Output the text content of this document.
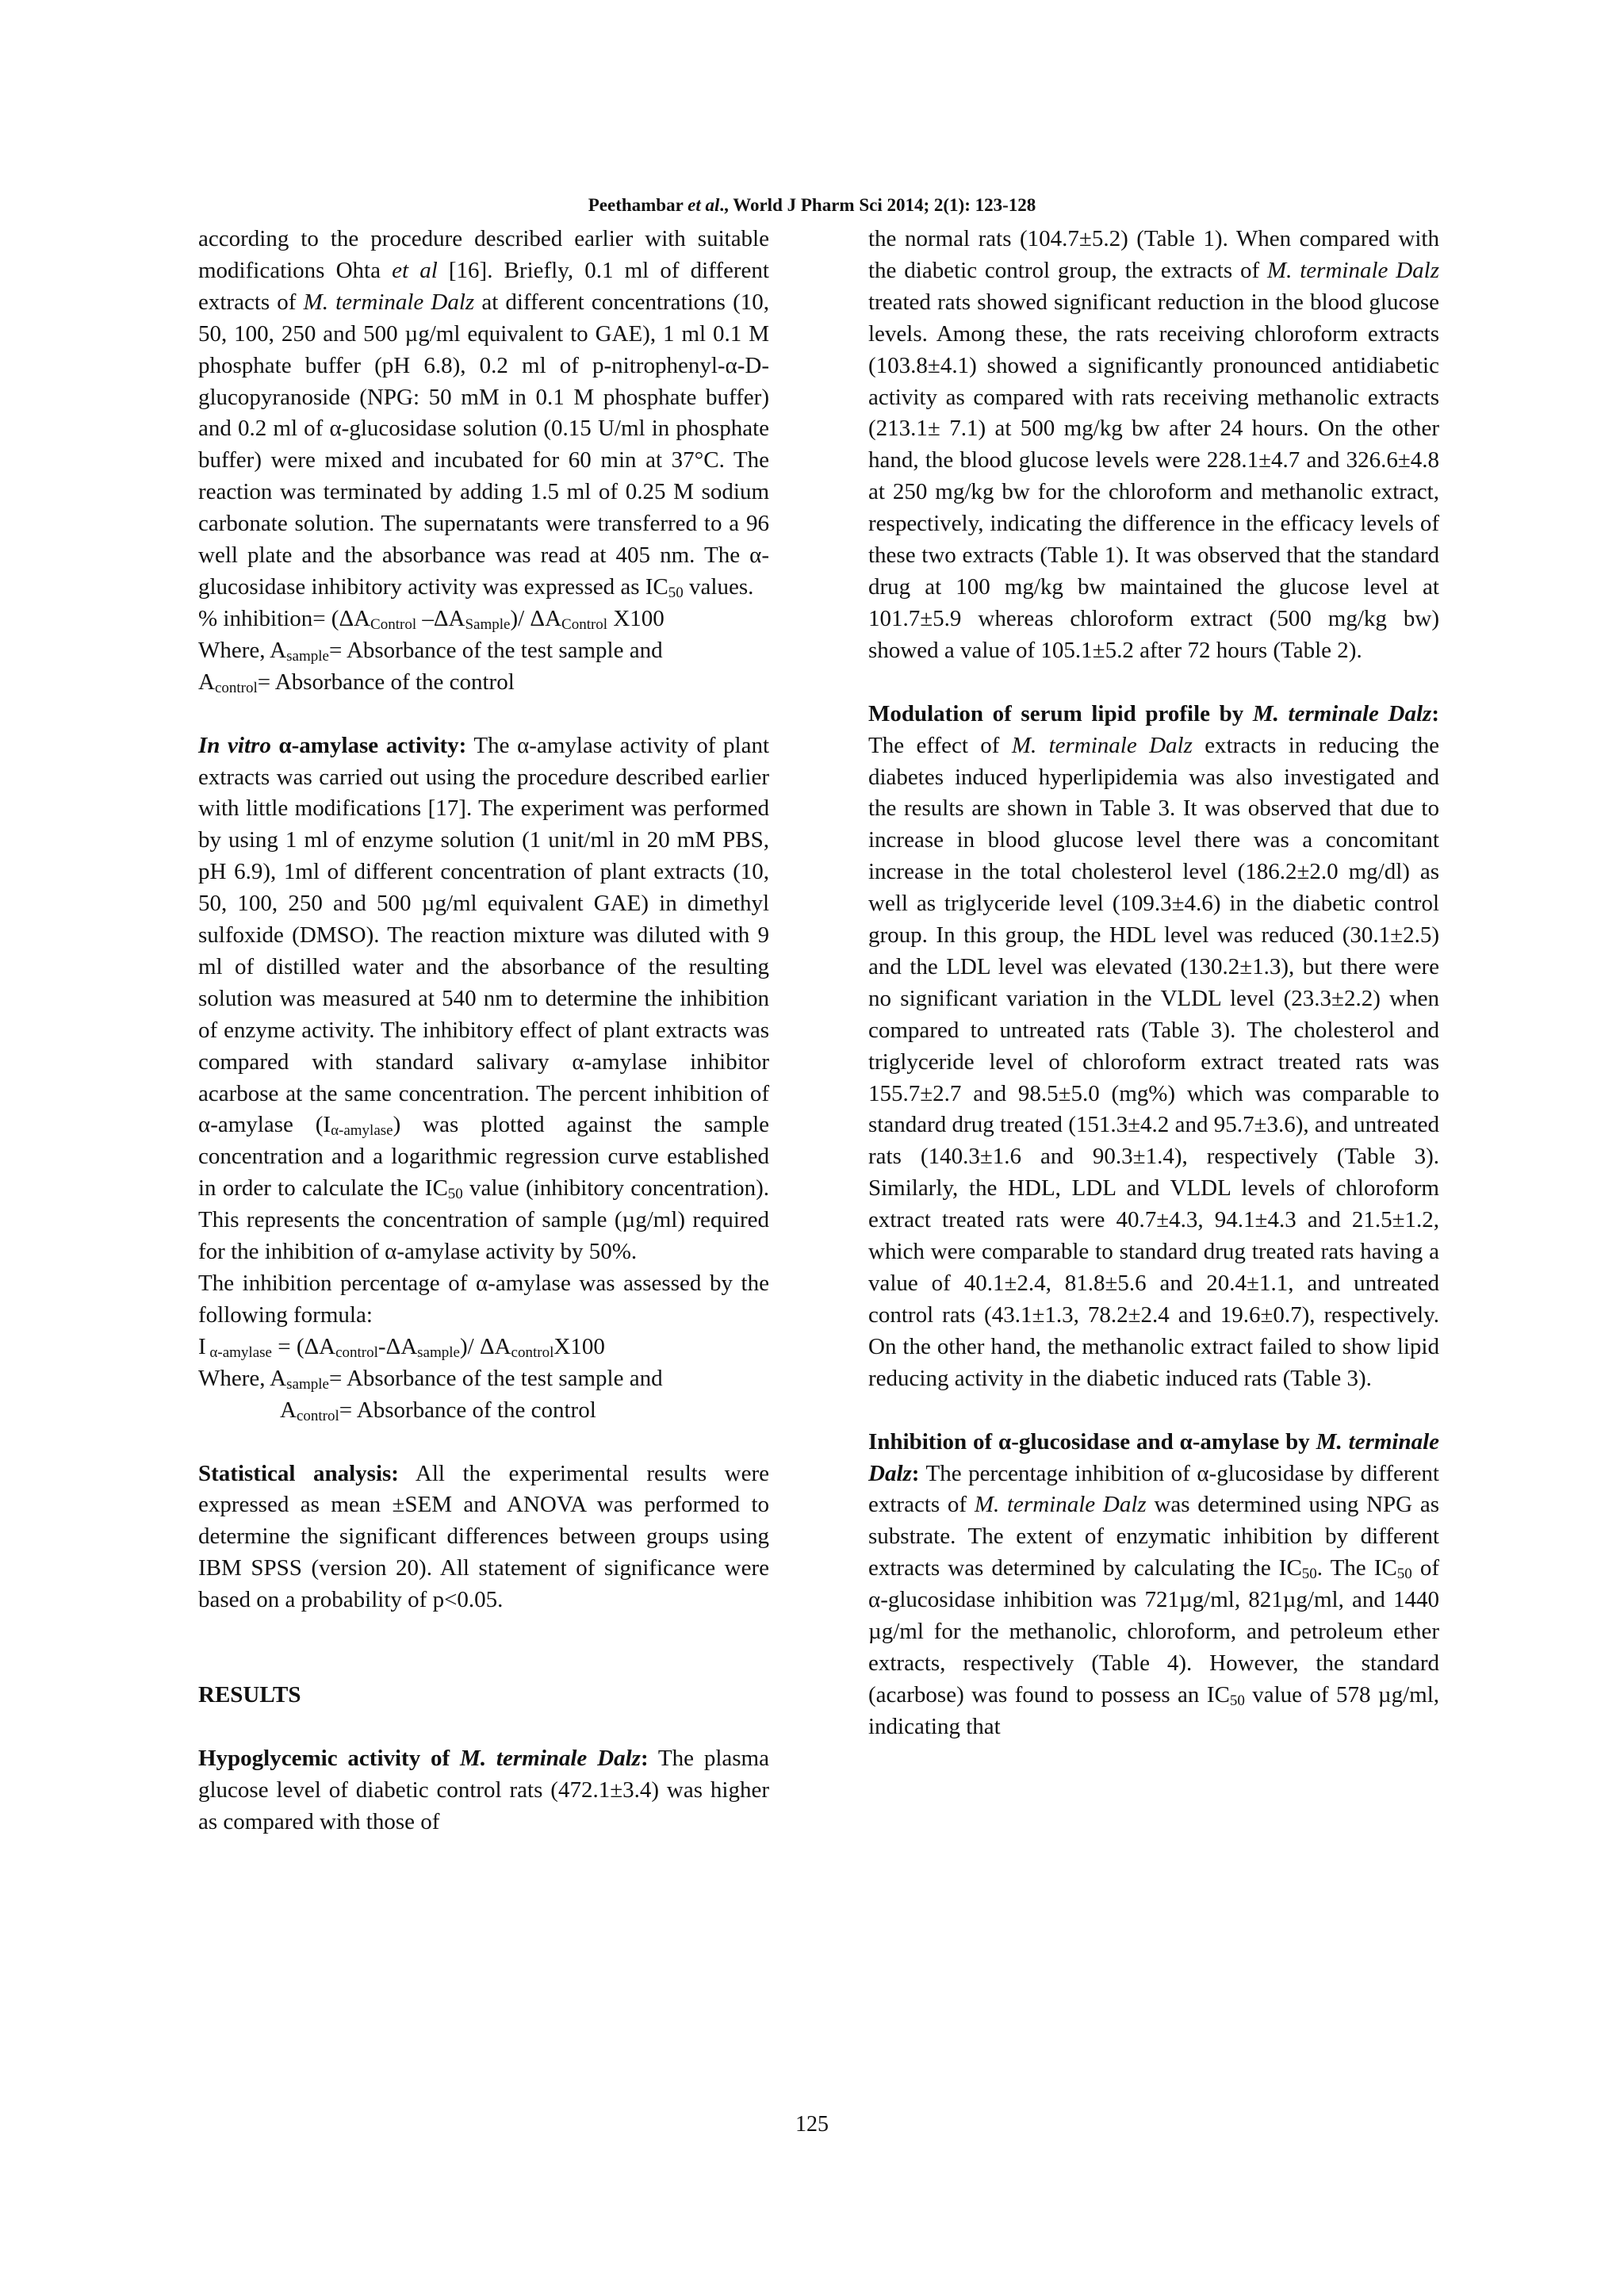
Peethambar et al., World J Pharm Sci 2014; 2(1): 123-128

according to the procedure described earlier with suitable modifications Ohta et al [16]. Briefly, 0.1 ml of different extracts of M. terminale Dalz at different concentrations (10, 50, 100, 250 and 500 µg/ml equivalent to GAE), 1 ml 0.1 M phosphate buffer (pH 6.8), 0.2 ml of p-nitrophenyl-α-D-glucopyranoside (NPG: 50 mM in 0.1 M phosphate buffer) and 0.2 ml of α-glucosidase solution (0.15 U/ml in phosphate buffer) were mixed and incubated for 60 min at 37°C. The reaction was terminated by adding 1.5 ml of 0.25 M sodium carbonate solution. The supernatants were transferred to a 96 well plate and the absorbance was read at 405 nm. The α-glucosidase inhibitory activity was expressed as $IC_{50}$ values.

% inhibition= ($\Delta A_{Control}$ $-\Delta A_{Sample})/$ $\Delta A_{Control}$ X100

Where, $A_{sample}=$ Absorbance of the test sample and

$A_{control}=$ Absorbance of the control

In vitro α-amylase activity: The α-amylase activity of plant extracts was carried out using the procedure described earlier with little modifications [17]. The experiment was performed by using 1 ml of enzyme solution (1 unit/ml in 20 mM PBS, pH 6.9), 1ml of different concentration of plant extracts (10, 50, 100, 250 and 500 µg/ml equivalent GAE) in dimethyl sulfoxide (DMSO). The reaction mixture was diluted with 9 ml of distilled water and the absorbance of the resulting solution was measured at 540 nm to determine the inhibition of enzyme activity. The inhibitory effect of plant extracts was compared with standard salivary α-amylase inhibitor acarbose at the same concentration. The percent inhibition of α-amylase $(I_{\alpha-amylase})$ was plotted against the sample concentration and a logarithmic regression curve established in order to calculate the $IC_{50}$ value (inhibitory concentration). This represents the concentration of sample (µg/ml) required for the inhibition of α-amylase activity by 50%.

The inhibition percentage of α-amylase was assessed by the following formula:

I $_{\alpha-amylase} = (\Delta A_{control}-\Delta A_{sample})/$ $\Delta A_{control}X100$

Where, $A_{sample}=$ Absorbance of the test sample and

$A_{control}=$ Absorbance of the control

Statistical analysis: All the experimental results were expressed as mean ±SEM and ANOVA was performed to determine the significant differences between groups using IBM SPSS (version 20). All statement of significance were based on a probability of p<0.05.

RESULTS

Hypoglycemic activity of M. terminale Dalz: The plasma glucose level of diabetic control rats (472.1±3.4) was higher as compared with those of

the normal rats (104.7±5.2) (Table 1). When compared with the diabetic control group, the extracts of M. terminale Dalz treated rats showed significant reduction in the blood glucose levels. Among these, the rats receiving chloroform extracts (103.8±4.1) showed a significantly pronounced antidiabetic activity as compared with rats receiving methanolic extracts (213.1± 7.1) at 500 mg/kg bw after 24 hours. On the other hand, the blood glucose levels were 228.1±4.7 and 326.6±4.8 at 250 mg/kg bw for the chloroform and methanolic extract, respectively, indicating the difference in the efficacy levels of these two extracts (Table 1). It was observed that the standard drug at 100 mg/kg bw maintained the glucose level at 101.7±5.9 whereas chloroform extract (500 mg/kg bw) showed a value of 105.1±5.2 after 72 hours (Table 2).

Modulation of serum lipid profile by M. terminale Dalz: The effect of M. terminale Dalz extracts in reducing the diabetes induced hyperlipidemia was also investigated and the results are shown in Table 3. It was observed that due to increase in blood glucose level there was a concomitant increase in the total cholesterol level (186.2±2.0 mg/dl) as well as triglyceride level (109.3±4.6) in the diabetic control group. In this group, the HDL level was reduced (30.1±2.5) and the LDL level was elevated (130.2±1.3), but there were no significant variation in the VLDL level (23.3±2.2) when compared to untreated rats (Table 3). The cholesterol and triglyceride level of chloroform extract treated rats was 155.7±2.7 and 98.5±5.0 (mg%) which was comparable to standard drug treated (151.3±4.2 and 95.7±3.6), and untreated rats (140.3±1.6 and 90.3±1.4), respectively (Table 3). Similarly, the HDL, LDL and VLDL levels of chloroform extract treated rats were 40.7±4.3, 94.1±4.3 and 21.5±1.2, which were comparable to standard drug treated rats having a value of 40.1±2.4, 81.8±5.6 and 20.4±1.1, and untreated control rats (43.1±1.3, 78.2±2.4 and 19.6±0.7), respectively. On the other hand, the methanolic extract failed to show lipid reducing activity in the diabetic induced rats (Table 3).

Inhibition of α-glucosidase and α-amylase by M. terminale Dalz: The percentage inhibition of α-glucosidase by different extracts of M. terminale Dalz was determined using NPG as substrate. The extent of enzymatic inhibition by different extracts was determined by calculating the $IC_{50}$. The $IC_{50}$ of α-glucosidase inhibition was 721µg/ml, 821µg/ml, and 1440 µg/ml for the methanolic, chloroform, and petroleum ether extracts, respectively (Table 4). However, the standard (acarbose) was found to possess an $IC_{50}$ value of 578 µg/ml, indicating that

125
